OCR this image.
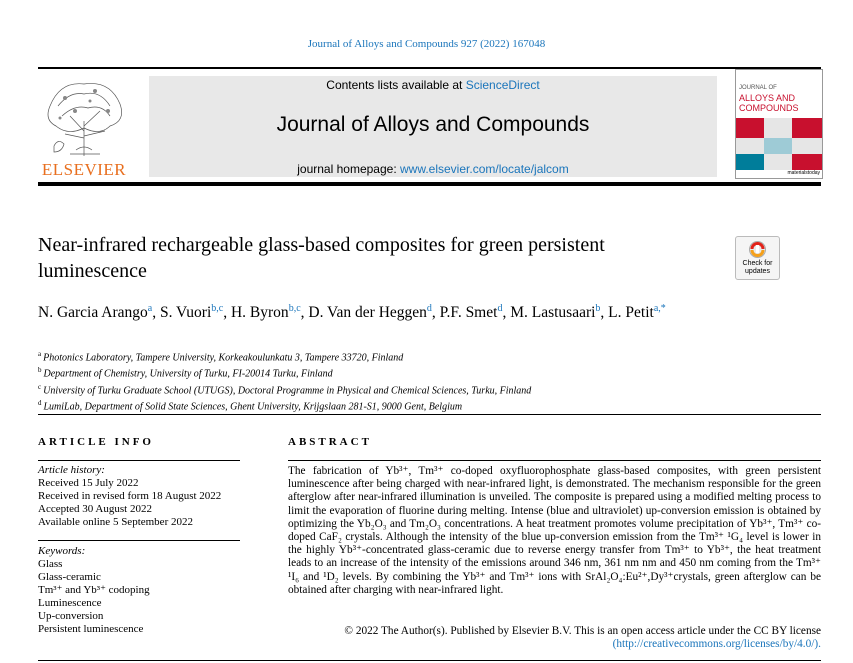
Journal of Alloys and Compounds 927 (2022) 167048
ELSEVIER
Contents lists available at ScienceDirect
Journal of Alloys and Compounds
journal homepage: www.elsevier.com/locate/jalcom
JOURNAL OF
ALLOYS AND
COMPOUNDS
materialstoday
Near-infrared rechargeable glass-based composites for green persistent luminescence	Check for updates
N. Garcia Arango$^a$, S. Vuori$^{b,c}$, H. Byron$^{b,c}$, D. Van der Heggen$^d$, P.F. Smet$^d$, M. Lastusaari$^b$, L. Petit$^{a,*}$
$^a$ Photonics Laboratory, Tampere University, Korkeakoulunkatu 3, Tampere 33720, Finland
$^b$ Department of Chemistry, University of Turku, FI-20014 Turku, Finland
$^c$ University of Turku Graduate School (UTUGS), Doctoral Programme in Physical and Chemical Sciences, Turku, Finland
$^d$ LumiLab, Department of Solid State Sciences, Ghent University, Krijgslaan 281-S1, 9000 Gent, Belgium
ARTICLE INFO	ABSTRACT
Article history:
Received 15 July 2022
Received in revised form 18 August 2022
Accepted 30 August 2022
Available online 5 September 2022
Keywords:
Glass
Glass-ceramic
Tm³⁺ and Yb³⁺ codoping
Luminescence
Up-conversion
Persistent luminescence
The fabrication of Yb³⁺, Tm³⁺ co-doped oxyfluorophosphate glass-based composites, with green persistent luminescence after being charged with near-infrared light, is demonstrated. The mechanism responsible for the green afterglow after near-infrared illumination is unveiled. The composite is prepared using a modified melting process to limit the evaporation of fluorine during melting. Intense (blue and ultraviolet) up-conversion emission is obtained by optimizing the Yb₂O₃ and Tm₂O₃ concentrations. A heat treatment promotes volume precipitation of Yb³⁺, Tm³⁺ co-doped CaF₂ crystals. Although the intensity of the blue up-conversion emission from the Tm³⁺ ¹G₄ level is lower in the highly Yb³⁺-concentrated glass-ceramic due to reverse energy transfer from Tm³⁺ to Yb³⁺, the heat treatment leads to an increase of the intensity of the emissions around 346 nm, 361 nm nm and 450 nm coming from the Tm³⁺ ¹I₆ and ¹D₂ levels. By combining the Yb³⁺ and Tm³⁺ ions with SrAl₂O₄:Eu²⁺,Dy³⁺crystals, green afterglow can be obtained after charging with near-infrared light.
© 2022 The Author(s). Published by Elsevier B.V. This is an open access article under the CC BY license
(http://creativecommons.org/licenses/by/4.0/).
